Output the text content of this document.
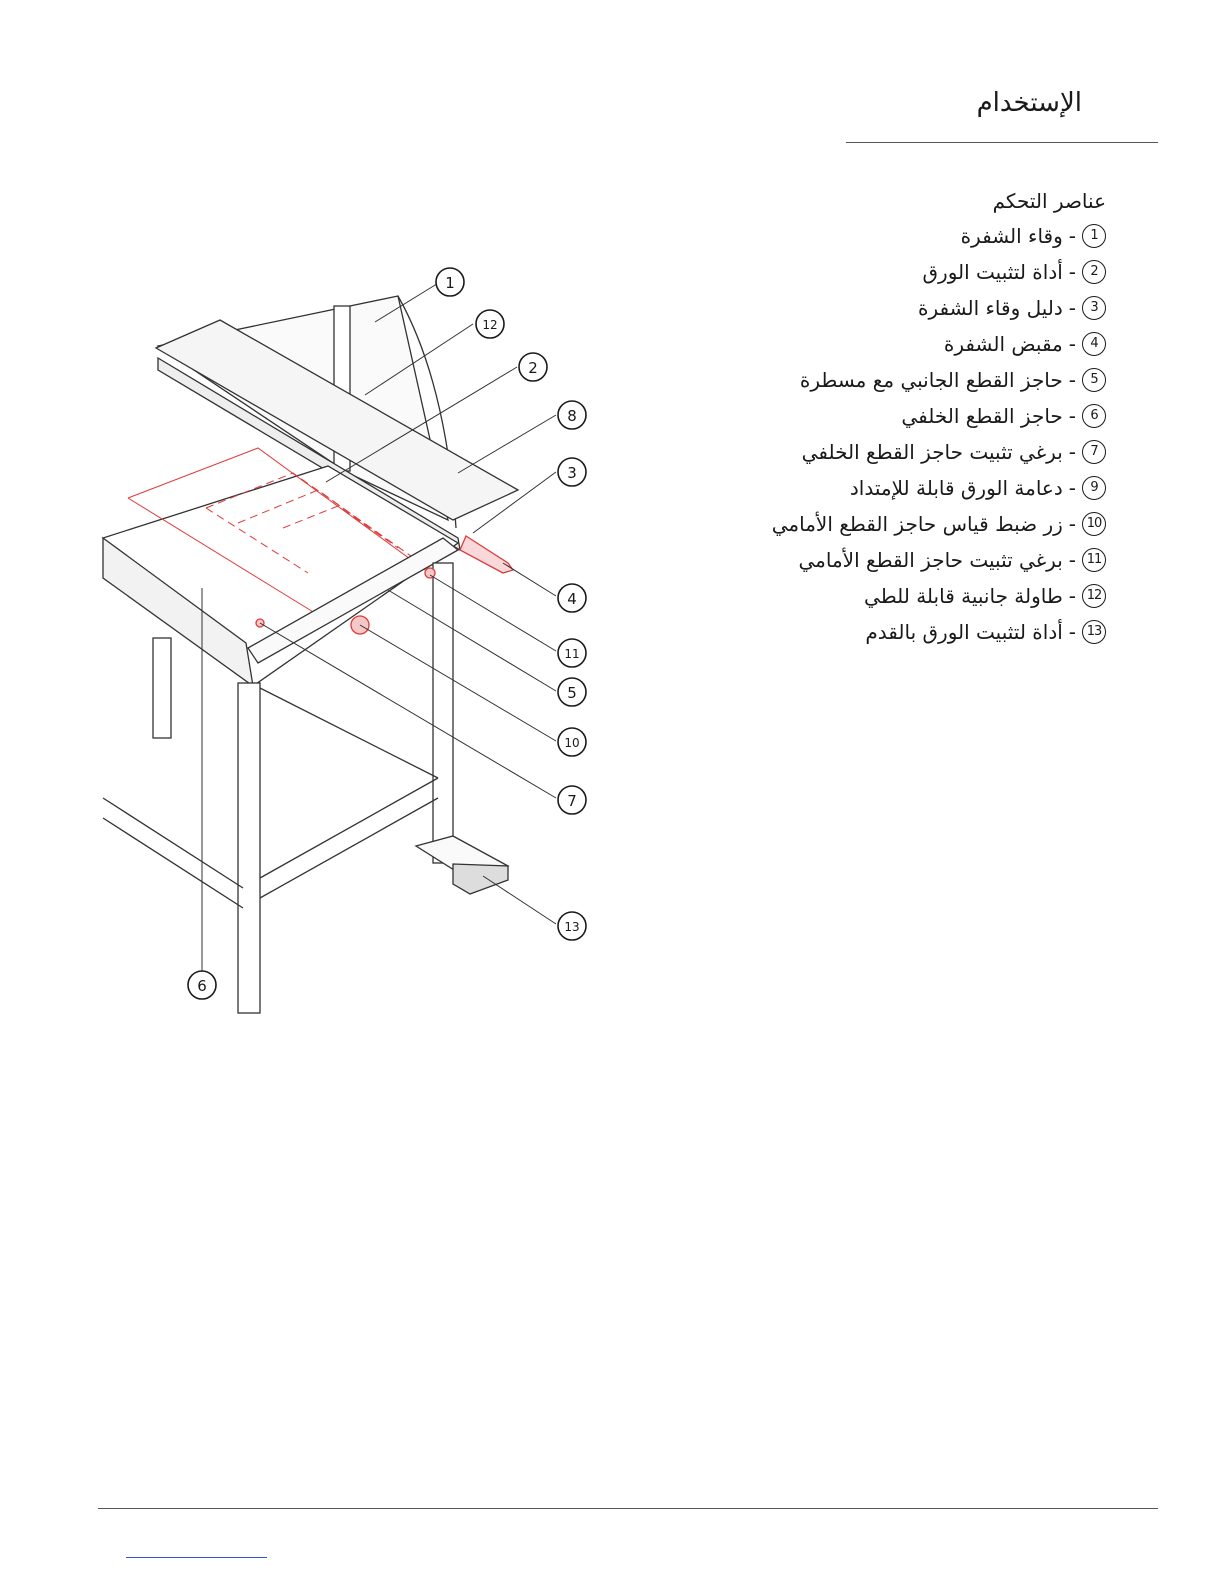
الإستخدام
عناصر التحكم
1
-
وقاء الشفرة
2
-
أداة لتثبيت الورق
3
-
دليل وقاء الشفرة
4
-
مقبض الشفرة
5
-
حاجز القطع الجانبي مع مسطرة
6
-
حاجز القطع الخلفي
7
-
برغي تثبيت حاجز القطع الخلفي
9
-
دعامة الورق قابلة للإمتداد
10
-
زر ضبط قياس حاجز القطع الأمامي
11
-
برغي تثبيت حاجز القطع الأمامي
12
-
طاولة جانبية قابلة للطي
13
-
أداة لتثبيت الورق بالقدم
1
12
2
8
3
4
11
5
10
7
13
6
